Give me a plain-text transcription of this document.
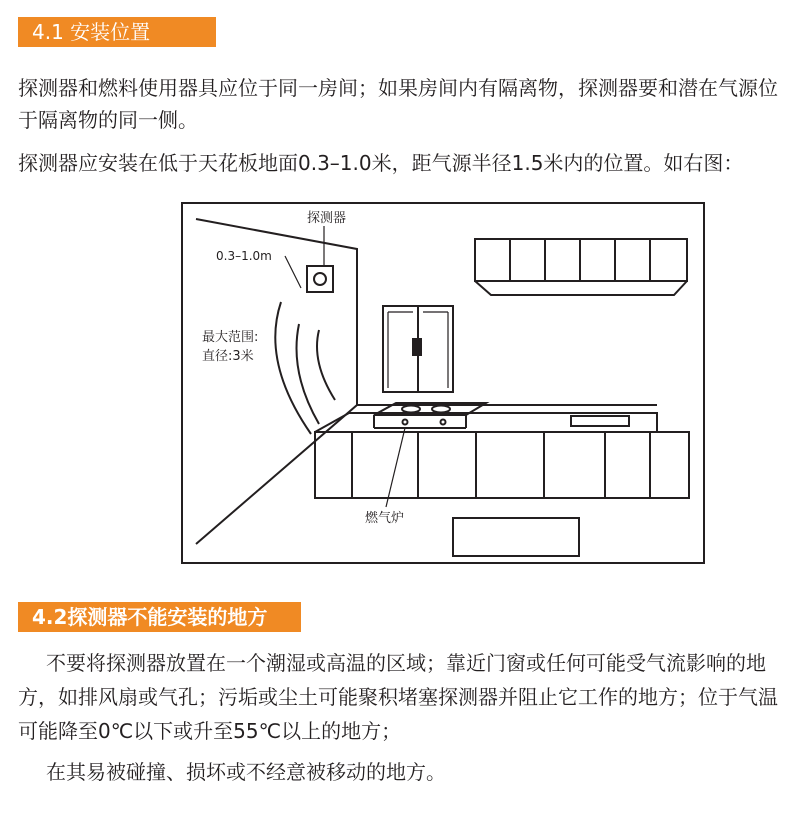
4.1 安装位置

探测器和燃料使用器具应位于同一房间；如果房间内有隔离物，探测器要和潜在气源位于隔离物的同一侧。

探测器应安装在低于天花板地面0.3–1.0米，距气源半径1.5米内的位置。如右图：

探测器
0.3–1.0m
最大范围:
直径:3米
燃气炉
4.2探测器不能安装的地方

不要将探测器放置在一个潮湿或高温的区域；靠近门窗或任何可能受气流影响的地方，如排风扇或气孔；污垢或尘土可能聚积堵塞探测器并阻止它工作的地方；位于气温可能降至0℃以下或升至55℃以上的地方；

在其易被碰撞、损坏或不经意被移动的地方。
